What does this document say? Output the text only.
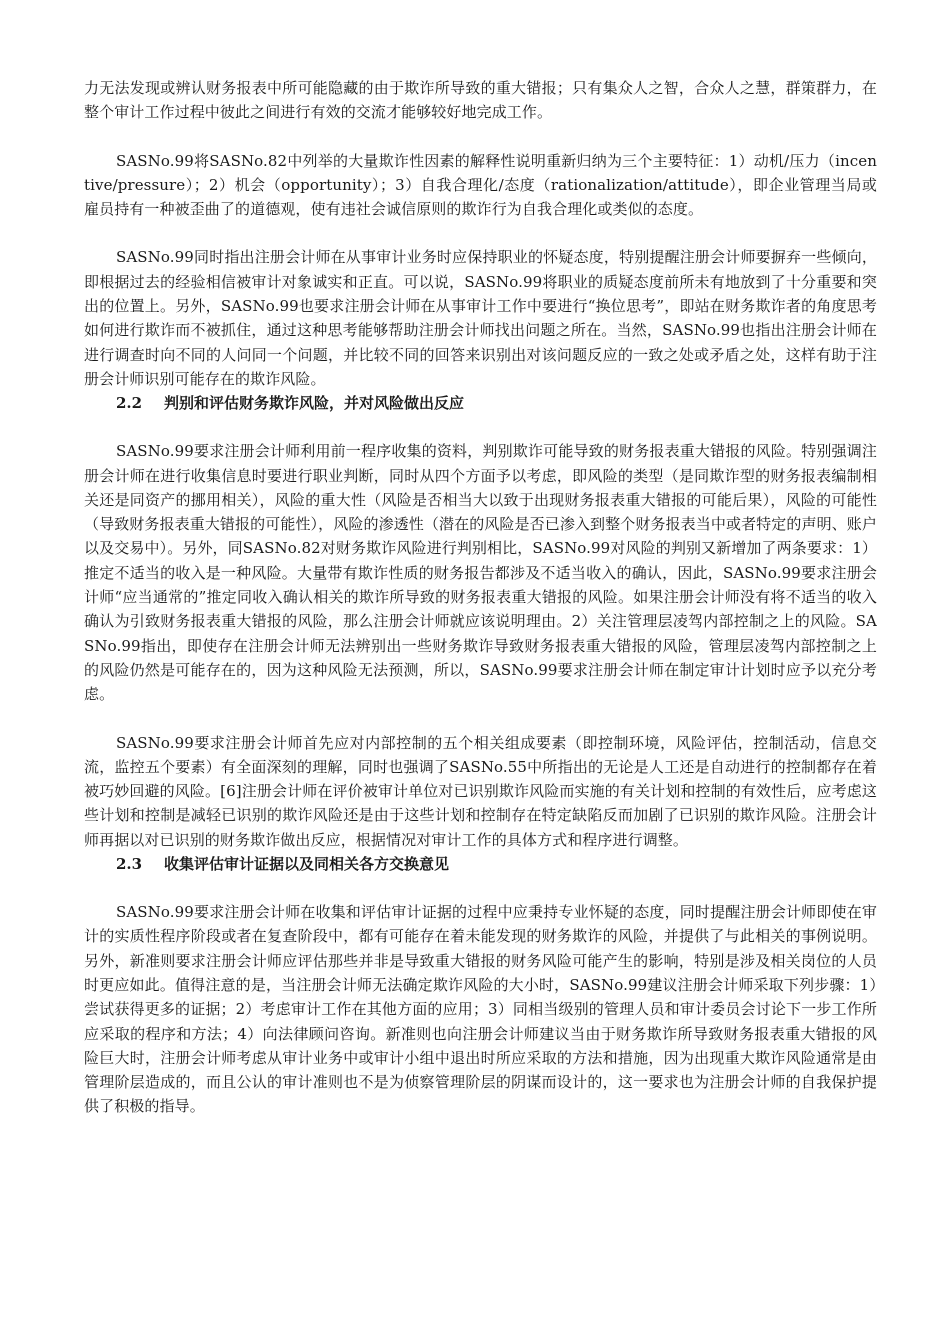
力无法发现或辨认财务报表中所可能隐藏的由于欺诈所导致的重大错报；只有集众人之智，合众人之慧，群策群力，在整个审计工作过程中彼此之间进行有效的交流才能够较好地完成工作。

SASNo.99将SASNo.82中列举的大量欺诈性因素的解释性说明重新归纳为三个主要特征：1）动机/压力（incentive/pressure）；2）机会（opportunity）；3）自我合理化/态度（rationalization/attitude），即企业管理当局或雇员持有一种被歪曲了的道德观，使有违社会诚信原则的欺诈行为自我合理化或类似的态度。

SASNo.99同时指出注册会计师在从事审计业务时应保持职业的怀疑态度，特别提醒注册会计师要摒弃一些倾向，即根据过去的经验相信被审计对象诚实和正直。可以说，SASNo.99将职业的质疑态度前所未有地放到了十分重要和突出的位置上。另外，SASNo.99也要求注册会计师在从事审计工作中要进行“换位思考”，即站在财务欺诈者的角度思考如何进行欺诈而不被抓住，通过这种思考能够帮助注册会计师找出问题之所在。当然，SASNo.99也指出注册会计师在进行调查时向不同的人问同一个问题，并比较不同的回答来识别出对该问题反应的一致之处或矛盾之处，这样有助于注册会计师识别可能存在的欺诈风险。

2.2 判别和评估财务欺诈风险，并对风险做出反应

SASNo.99要求注册会计师利用前一程序收集的资料，判别欺诈可能导致的财务报表重大错报的风险。特别强调注册会计师在进行收集信息时要进行职业判断，同时从四个方面予以考虑，即风险的类型（是同欺诈型的财务报表编制相关还是同资产的挪用相关），风险的重大性（风险是否相当大以致于出现财务报表重大错报的可能后果），风险的可能性（导致财务报表重大错报的可能性），风险的渗透性（潜在的风险是否已渗入到整个财务报表当中或者特定的声明、账户以及交易中）。另外，同SASNo.82对财务欺诈风险进行判别相比，SASNo.99对风险的判别又新增加了两条要求：1）推定不适当的收入是一种风险。大量带有欺诈性质的财务报告都涉及不适当收入的确认，因此，SASNo.99要求注册会计师“应当通常的”推定同收入确认相关的欺诈所导致的财务报表重大错报的风险。如果注册会计师没有将不适当的收入确认为引致财务报表重大错报的风险，那么注册会计师就应该说明理由。2）关注管理层凌驾内部控制之上的风险。SASNo.99指出，即使存在注册会计师无法辨别出一些财务欺诈导致财务报表重大错报的风险，管理层凌驾内部控制之上的风险仍然是可能存在的，因为这种风险无法预测，所以，SASNo.99要求注册会计师在制定审计计划时应予以充分考虑。

SASNo.99要求注册会计师首先应对内部控制的五个相关组成要素（即控制环境，风险评估，控制活动，信息交流，监控五个要素）有全面深刻的理解，同时也强调了SASNo.55中所指出的无论是人工还是自动进行的控制都存在着被巧妙回避的风险。[6]注册会计师在评价被审计单位对已识别欺诈风险而实施的有关计划和控制的有效性后，应考虑这些计划和控制是减轻已识别的欺诈风险还是由于这些计划和控制存在特定缺陷反而加剧了已识别的欺诈风险。注册会计师再据以对已识别的财务欺诈做出反应，根据情况对审计工作的具体方式和程序进行调整。

2.3 收集评估审计证据以及同相关各方交换意见

SASNo.99要求注册会计师在收集和评估审计证据的过程中应秉持专业怀疑的态度，同时提醒注册会计师即使在审计的实质性程序阶段或者在复查阶段中，都有可能存在着未能发现的财务欺诈的风险，并提供了与此相关的事例说明。另外，新准则要求注册会计师应评估那些并非是导致重大错报的财务风险可能产生的影响，特别是涉及相关岗位的人员时更应如此。值得注意的是，当注册会计师无法确定欺诈风险的大小时，SASNo.99建议注册会计师采取下列步骤：1）尝试获得更多的证据；2）考虑审计工作在其他方面的应用；3）同相当级别的管理人员和审计委员会讨论下一步工作所应采取的程序和方法；4）向法律顾问咨询。新准则也向注册会计师建议当由于财务欺诈所导致财务报表重大错报的风险巨大时，注册会计师考虑从审计业务中或审计小组中退出时所应采取的方法和措施，因为出现重大欺诈风险通常是由管理阶层造成的，而且公认的审计准则也不是为侦察管理阶层的阴谋而设计的，这一要求也为注册会计师的自我保护提供了积极的指导。
